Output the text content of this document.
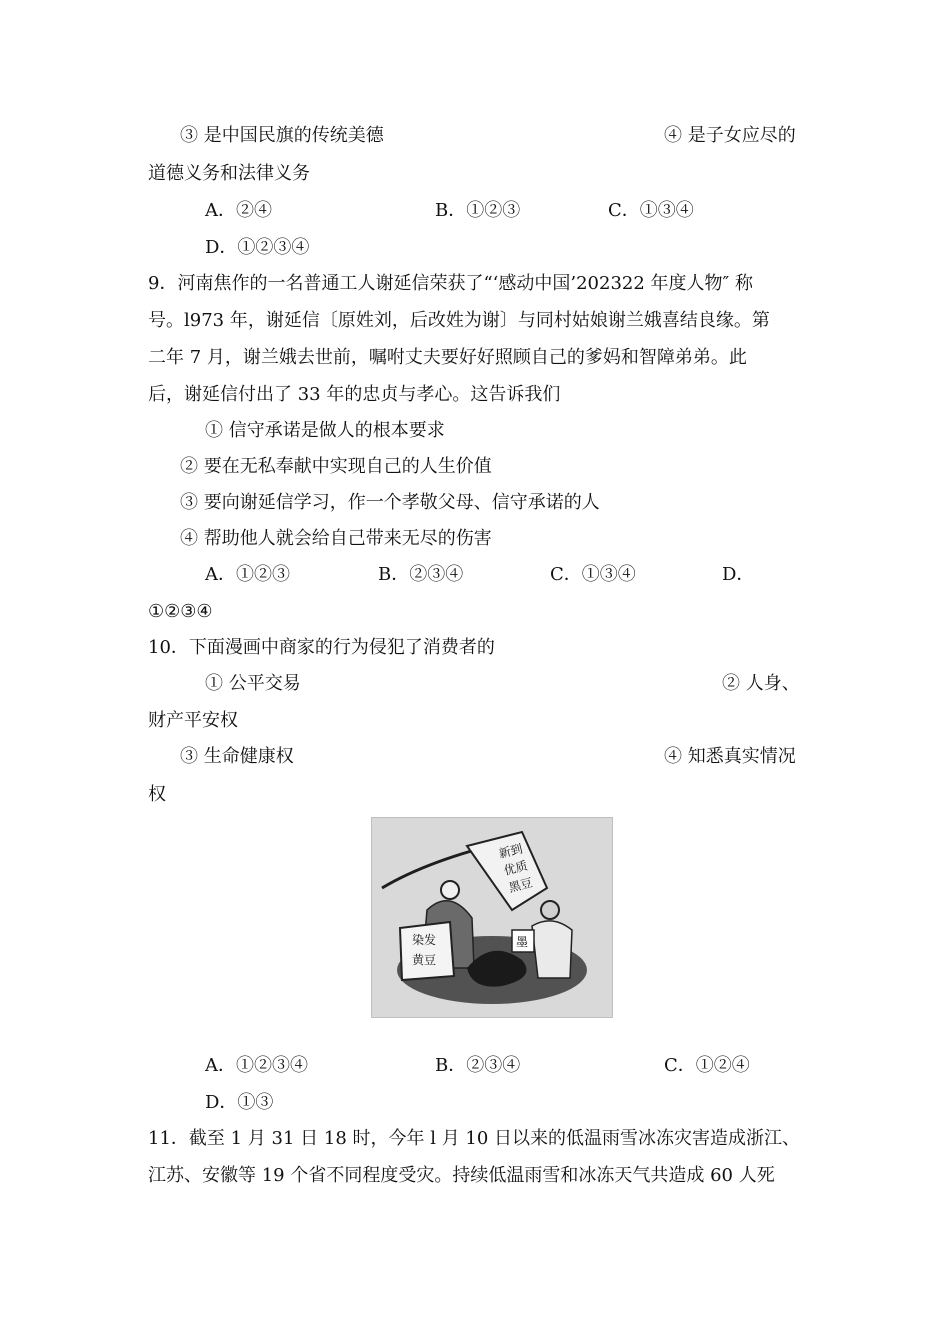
③ 是中国民旗的传统美德	④ 是子女应尽的
道德义务和法律义务
A．②④	B．①②③	C．①③④
D．①②③④
9．河南焦作的一名普通工人谢延信荣获了“‘感动中国’202322 年度人物″ 称
号。l973 年，谢延信〔原姓刘，后改姓为谢〕与同村姑娘谢兰娥喜结良缘。第
二年 7 月，谢兰娥去世前，嘱咐丈夫要好好照顾自己的爹妈和智障弟弟。此
后，谢延信付出了 33 年的忠贞与孝心。这告诉我们
① 信守承诺是做人的根本要求
② 要在无私奉献中实现自己的人生价值
③ 要向谢延信学习，作一个孝敬父母、信守承诺的人
④ 帮助他人就会给自己带来无尽的伤害
A．①②③	B．②③④	C．①③④	D．
①②③④
10．下面漫画中商家的行为侵犯了消费者的
① 公平交易	② 人身、
财产平安权
③ 生命健康权	④ 知悉真实情况
权
新到
优质
黑豆
染发
黄豆
墨
A．①②③④	B．②③④	C．①②④
D．①③
11．截至 1 月 31 日 18 时，今年 l 月 10 日以来的低温雨雪冰冻灾害造成浙江、
江苏、安徽等 19 个省不同程度受灾。持续低温雨雪和冰冻天气共造成 60 人死
